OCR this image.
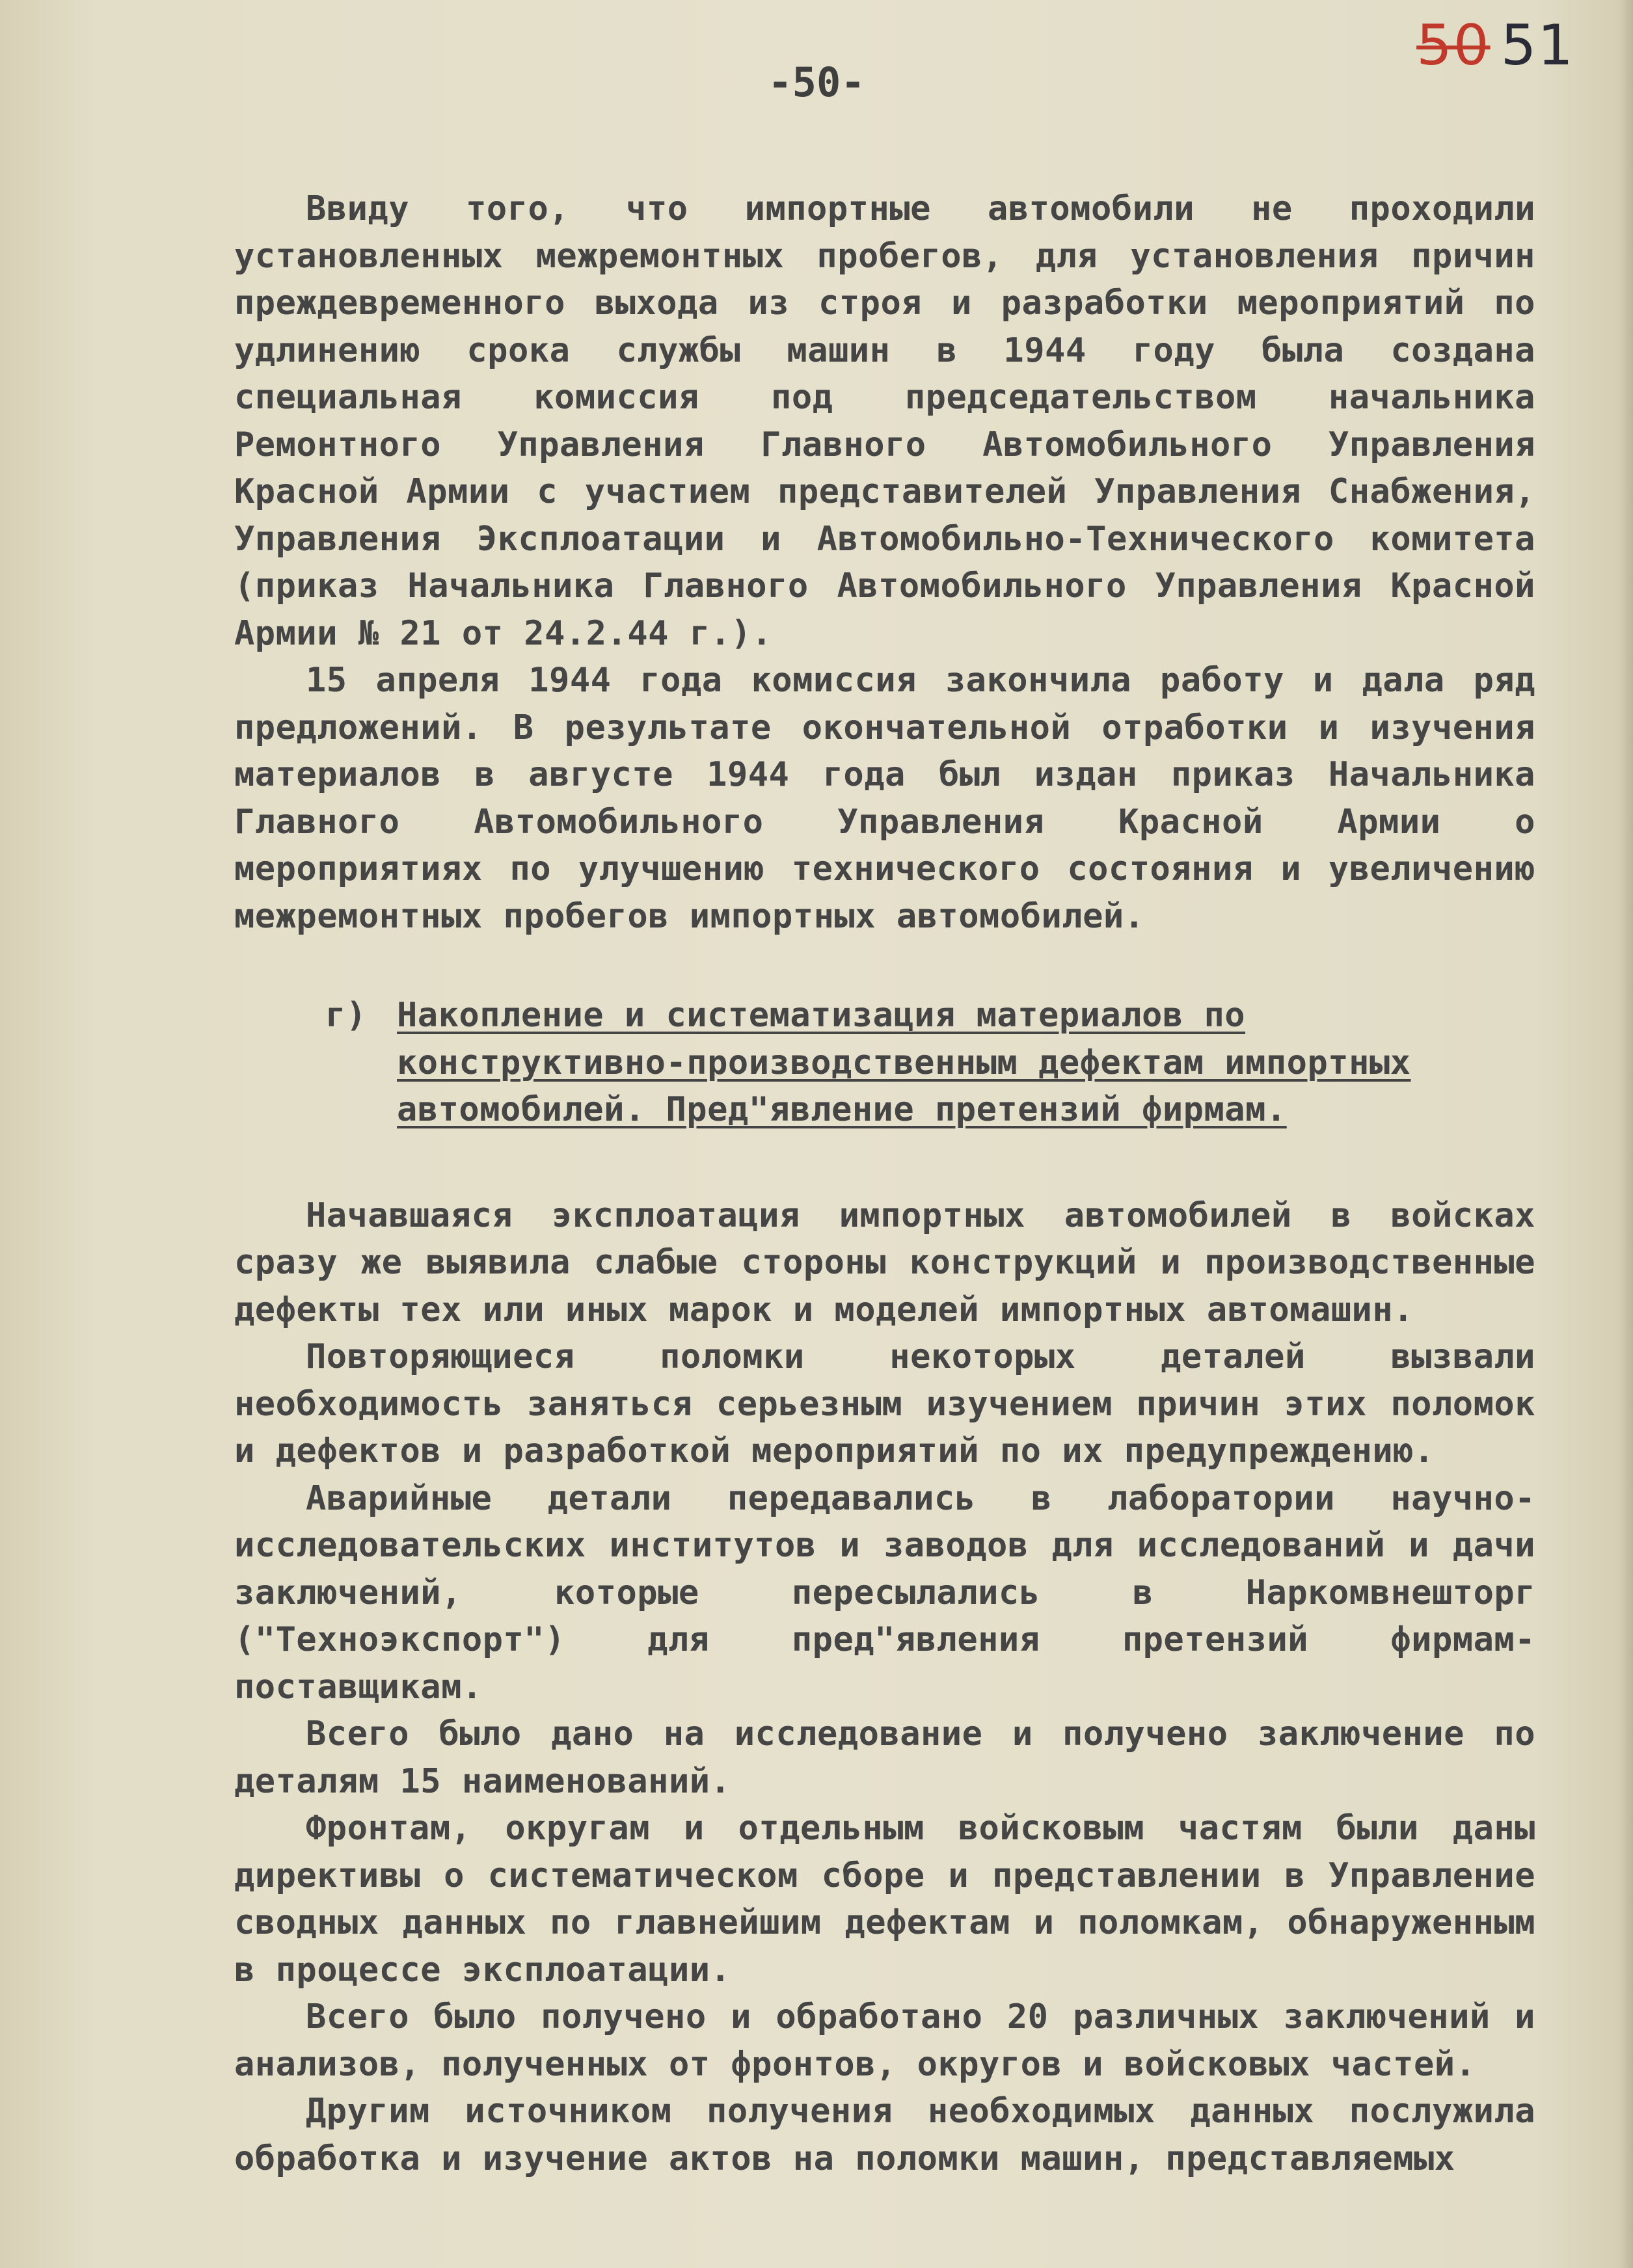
50 51
-50-

Ввиду того, что импортные автомобили не проходили установленных межремонтных пробегов, для установления причин преждевременного выхода из строя и разработки мероприятий по удлинению срока службы машин в 1944 году была создана специальная комиссия под председательством начальника Ремонтного Управления Главного Автомобильного Управления Красной Армии с участием представителей Управления Снабжения, Управления Эксплоатации и Автомобильно-Технического комитета (приказ Начальника Главного Автомобильного Управления Красной Армии № 21 от 24.2.44 г.).

15 апреля 1944 года комиссия закончила работу и дала ряд предложений. В результате окончательной отработки и изучения материалов в августе 1944 года был издан приказ Начальника Главного Автомобильного Управления Красной Армии о мероприятиях по улучшению технического состояния и увеличению межремонтных пробегов импортных автомобилей.

г) Накопление и систематизация материалов по конструктивно-производственным дефектам импортных автомобилей. Пред"явление претензий фирмам.

Начавшаяся эксплоатация импортных автомобилей в войсках сразу же выявила слабые стороны конструкций и производственные дефекты тех или иных марок и моделей импортных автомашин.

Повторяющиеся поломки некоторых деталей вызвали необходимость заняться серьезным изучением причин этих поломок и дефектов и разработкой мероприятий по их предупреждению.

Аварийные детали передавались в лаборатории научно-исследовательских институтов и заводов для исследований и дачи заключений, которые пересылались в Наркомвнешторг ("Техноэкспорт") для пред"явления претензий фирмам-поставщикам.

Всего было дано на исследование и получено заключение по деталям 15 наименований.

Фронтам, округам и отдельным войсковым частям были даны директивы о систематическом сборе и представлении в Управление сводных данных по главнейшим дефектам и поломкам, обнаруженным в процессе эксплоатации.

Всего было получено и обработано 20 различных заключений и анализов, полученных от фронтов, округов и войсковых частей.

Другим источником получения необходимых данных послужила обработка и изучение актов на поломки машин, представляемых
